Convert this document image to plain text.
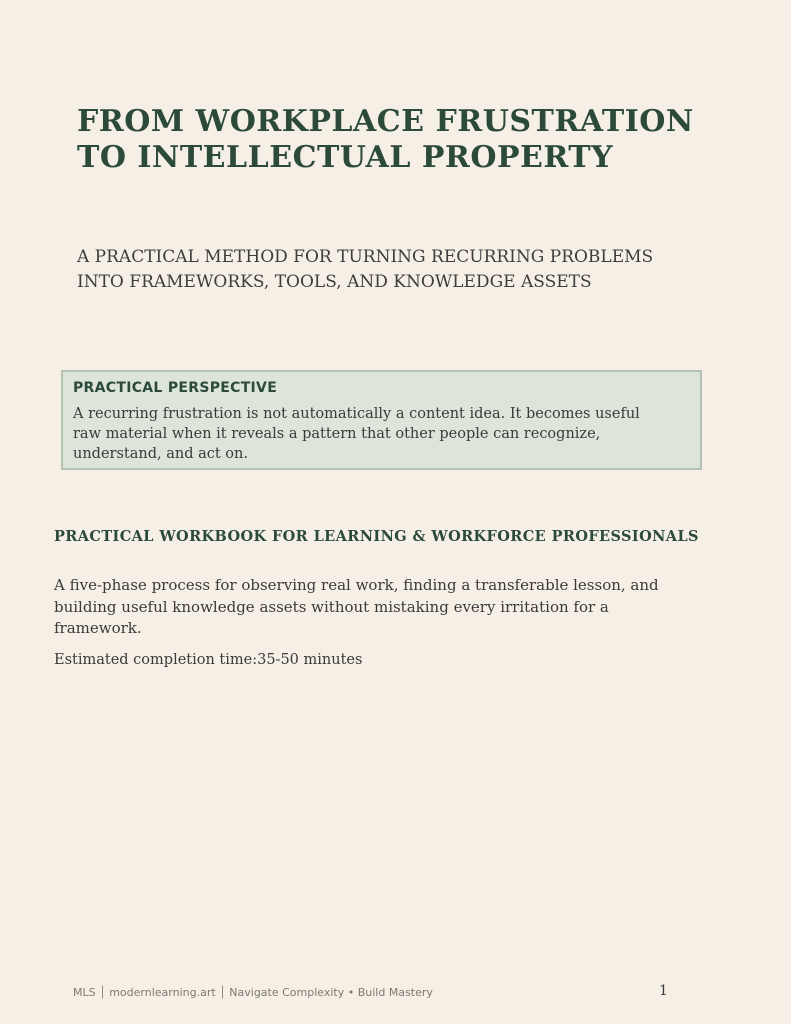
FROM WORKPLACE FRUSTRATION
TO INTELLECTUAL PROPERTY

A PRACTICAL METHOD FOR TURNING RECURRING PROBLEMS
INTO FRAMEWORKS, TOOLS, AND KNOWLEDGE ASSETS

PRACTICAL PERSPECTIVE

A recurring frustration is not automatically a content idea. It becomes useful
raw material when it reveals a pattern that other people can recognize,
understand, and act on.

PRACTICAL WORKBOOK FOR LEARNING & WORKFORCE PROFESSIONALS

A five-phase process for observing real work, finding a transferable lesson, and
building useful knowledge assets without mistaking every irritation for a
framework.

Estimated completion time:35-50 minutes

MLS │ modernlearning.art │ Navigate Complexity • Build Mastery	1
